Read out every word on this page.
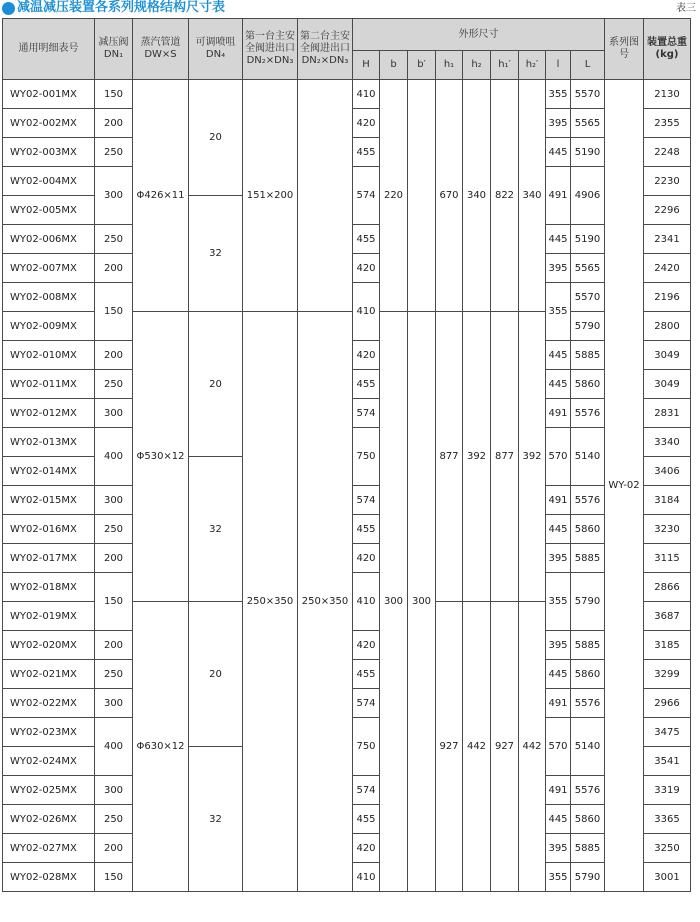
减温减压装置各系列规格结构尺寸表	表三
通用明细表号	减压阀DN₁	蒸汽管道DW×S	可调喷咀DN₄	第一台主安全阀进出口DN₂×DN₃	第二台主安全阀进出口DN₂×DN₃	外形尺寸									系列图号	装置总重(kg)
						H	b	b′	h₁	h₂	h₁′	h₂′	l	L		
WY02-001MX	150	Φ426×11	20	151×200		410	220		670	340	822	340	355	5570	WY-02	2130
WY02-002MX	200					420							395	5565		2355
WY02-003MX	250					455							445	5190		2248
WY02-004MX	300					574							491	4906		2230
WY02-005MX			32													2296
WY02-006MX	250					455							445	5190		2341
WY02-007MX	200					420							395	5565		2420
WY02-008MX	150					410							355	5570		2196
WY02-009MX		Φ530×12	20	250×350	250×350		300	300	877	392	877	392		5790		2800
WY02-010MX	200					420							445	5885		3049
WY02-011MX	250					455							445	5860		3049
WY02-012MX	300					574							491	5576		2831
WY02-013MX	400					750							570	5140		3340
WY02-014MX			32													3406
WY02-015MX	300					574							491	5576		3184
WY02-016MX	250					455							445	5860		3230
WY02-017MX	200					420							395	5885		3115
WY02-018MX	150					410							355	5790		2866
WY02-019MX		Φ630×12	20						927	442	927	442				3687
WY02-020MX	200					420							395	5885		3185
WY02-021MX	250					455							445	5860		3299
WY02-022MX	300					574							491	5576		2966
WY02-023MX	400					750							570	5140		3475
WY02-024MX			32													3541
WY02-025MX	300					574							491	5576		3319
WY02-026MX	250					455							445	5860		3365
WY02-027MX	200					420							395	5885		3250
WY02-028MX	150					410							355	5790		3001
